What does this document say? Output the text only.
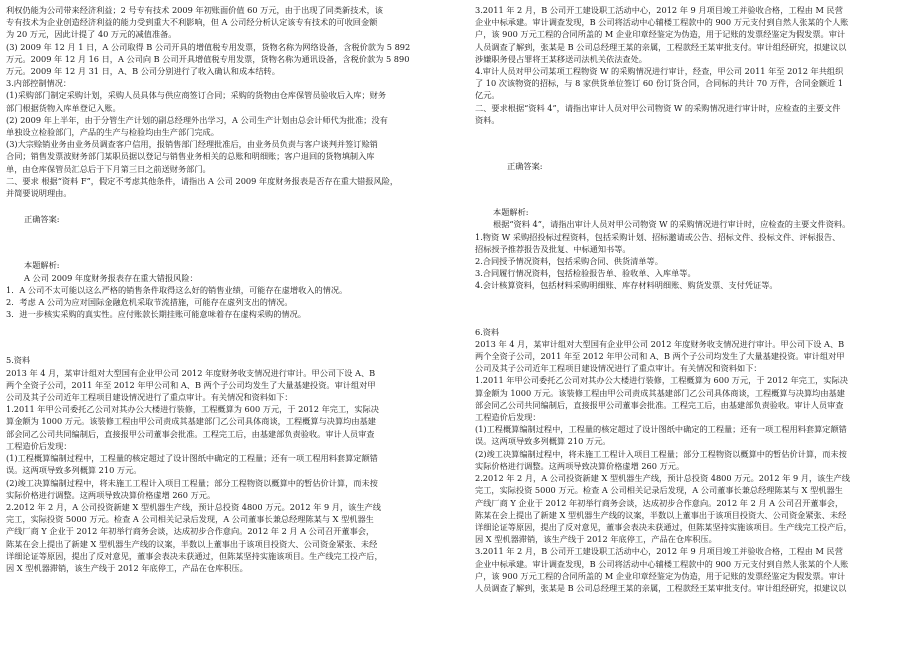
利权仍能为公司带来经济利益；2 号专有技术 2009 年初账面价值 60 万元，由于出现了同类新技术，该

专有技术为企业创造经济利益的能力受到重大不利影响，但 A 公司经分析认定该专有技术的可收回金额

为 20 万元，因此计提了 40 万元的减值准备。

(3) 2009 年 12 月 1 日，A 公司取得 B 公司开具的增值税专用发票，货物名称为网络设备，含税价款为 5 892

万元。2009 年 12 月 16 日，A 公司向 B 公司开具增值税专用发票，货物名称为通讯设备，含税价款为 5 890

万元。2009 年 12 月 31 日，A、B 公司分别进行了收入确认和成本结转。

3.内部控制情况：

(1)采购部门制定采购计划，采购人员具体与供应商签订合同；采购的货物由仓库保管员验收后入库；财务

部门根据货物入库单登记入账。

(2) 2009 年上半年，由于分管生产计划的副总经理外出学习，A 公司生产计划由总会计师代为批准；没有

单独设立检验部门，产品的生产与检验均由生产部门完成。

(3)大宗赊销业务由业务员调查客户信用，报销售部门经理批准后，由业务员负责与客户谈判并签订赊销

合同；销售发票波财务部门某职员据以登记与销售业务相关的总账和明细账；客户退回的货物填制入库

单，由仓库保管员汇总后于下月第三日之前送财务部门。

二、要求 根据“资料 F”，假定不考虑其他条件，请指出 A 公司 2009 年度财务报表是否存在重大错报风险，

并简要说明理由。

正确答案:

本题解析:

A 公司 2009 年度财务报表存在重大错报风险：

1．A 公司不太可能以这么严格的销售条件取得这么好的销售业绩，可能存在虚增收入的情况。

2．考虑 A 公司为应对国际金融危机采取节流措施，可能存在虚列支出的情况。

3．进一步核实采购的真实性。应付账款长期挂账可能意味着存在虚构采购的情况。

5.资料

2013 年 4 月，某审计组对大型国有企业甲公司 2012 年度财务收支情况进行审计。甲公司下设 A、B

两个全资子公司，2011 年至 2012 年甲公司和 A、B 两个子公司均发生了大量基建投资。审计组对甲

公司及其子公司近年工程项目建设情况进行了重点审计。有关情况和资料如下：

1.2011 年甲公司委托乙公司对其办公大楼进行装修，工程概算为 600 万元，于 2012 年完工，实际决

算金额为 1000 万元。该装修工程由甲公司责成其基建部门乙公司具体商谈，工程概算与决算均由基建

部会同乙公司共同编制后，直接报甲公司董事会批准。工程完工后，由基建部负责验收。审计人员审查

工程造价后发现：

(1)工程概算编制过程中，工程量的核定超过了设计图纸中确定的工程量；还有一项工程用料套算定额错

误。这两项导致多列概算 210 万元。

(2)竣工决算编制过程中，将未施工工程计入项目工程量；部分工程物资以概算中的暂估价计算，而未按

实际价格进行调整。这两项导致决算价格虚增 260 万元。

2.2012 年 2 月，A 公司投资新建 X 型机器生产线，预计总投资 4800 万元。2012 年 9 月，该生产线

完工，实际投资 5000 万元。检查 A 公司相关记录后发现，A 公司董事长兼总经理陈某与 X 型机器生

产线厂商 Y 企业于 2012 年初举行商务会谈，达成初步合作意向。2012 年 2 月 A 公司召开董事会，

陈某在会上提出了新建 X 型机器生产线的议案，半数以上董事出于该项目投资大、公司资金紧张、未经

详细论证等原因，提出了反对意见，董事会表决未获通过，但陈某坚持实施该项目。生产线完工投产后，

因 X 型机器滞销，该生产线于 2012 年底停工，产品在仓库积压。

3.2011 年 2 月，B 公司开工建设职工活动中心，2012 年 9 月项目竣工并验收合格，工程由 M 民营

企业中标承建。审计调查发现，B 公司将活动中心辅楼工程款中的 900 万元支付到自然人张某的个人账

户，该 900 万元工程的合同所盖的 M 企业印章经鉴定为伪造，用于记账的发票经鉴定为假发票。审计

人员调查了解到，张某是 B 公司总经理王某的亲属，工程款经王某审批支付。审计组经研究，拟建议以

涉嫌职务侵占罪将王某移送司法机关依法查处。

4.审计人员对甲公司某项工程物资 W 的采购情况进行审计，经查，甲公司 2011 年至 2012 年共组织

了 10 次该物资的招标，与 8 家供货单位签订 60 份订货合同，合同标的共计 70 万件，合同金额近 1

亿元。

二、要求根据“资料 4”，请指出审计人员对甲公司物资 W 的采购情况进行审计时，应检查的主要文件

资料。

正确答案:

本题解析:

根据“资料 4”，请指出审计人员对甲公司物资 W 的采购情况进行审计时，应检查的主要文件资料。

1.物资 W 采购招投标过程资料，包括采购计划、招标邀请或公告、招标文件、投标文件、评标报告、

招标授予推荐报告及批复、中标通知书等。

2.合同授予情况资料，包括采购合同、供货清单等。

3.合同履行情况资料，包括检验报告单、验收单、入库单等。

4.会计核算资料，包括材料采购明细账、库存材料明细账、购货发票、支付凭证等。

6.资料

2013 年 4 月，某审计组对大型国有企业甲公司 2012 年度财务收支情况进行审计。甲公司下设 A、B

两个全资子公司，2011 年至 2012 年甲公司和 A、B 两个子公司均发生了大量基建投资。审计组对甲

公司及其子公司近年工程项目建设情况进行了重点审计。有关情况和资料如下：

1.2011 年甲公司委托乙公司对其办公大楼进行装修，工程概算为 600 万元，于 2012 年完工，实际决

算金额为 1000 万元。该装修工程由甲公司责成其基建部门乙公司具体商谈，工程概算与决算均由基建

部会同乙公司共同编制后，直接报甲公司董事会批准。工程完工后，由基建部负责验收。审计人员审查

工程造价后发现：

(1)工程概算编制过程中，工程量的核定超过了设计图纸中确定的工程量；还有一项工程用料套算定额错

误。这两项导致多列概算 210 万元。

(2)竣工决算编制过程中，将未施工工程计入项目工程量；部分工程物资以概算中的暂估价计算，而未按

实际价格进行调整。这两项导致决算价格虚增 260 万元。

2.2012 年 2 月，A 公司投资新建 X 型机器生产线，预计总投资 4800 万元。2012 年 9 月，该生产线

完工，实际投资 5000 万元。检查 A 公司相关记录后发现，A 公司董事长兼总经理陈某与 X 型机器生

产线厂商 Y 企业于 2012 年初举行商务会谈，达成初步合作意向。2012 年 2 月 A 公司召开董事会，

陈某在会上提出了新建 X 型机器生产线的议案，半数以上董事出于该项目投资大、公司资金紧张、未经

详细论证等原因，提出了反对意见，董事会表决未获通过，但陈某坚持实施该项目。生产线完工投产后，

因 X 型机器滞销，该生产线于 2012 年底停工，产品在仓库积压。

3.2011 年 2 月，B 公司开工建设职工活动中心，2012 年 9 月项目竣工并验收合格，工程由 M 民营

企业中标承建。审计调查发现，B 公司将活动中心辅楼工程款中的 900 万元支付到自然人张某的个人账

户，该 900 万元工程的合同所盖的 M 企业印章经鉴定为伪造，用于记账的发票经鉴定为假发票。审计

人员调查了解到，张某是 B 公司总经理王某的亲属，工程款经王某审批支付。审计组经研究，拟建议以
